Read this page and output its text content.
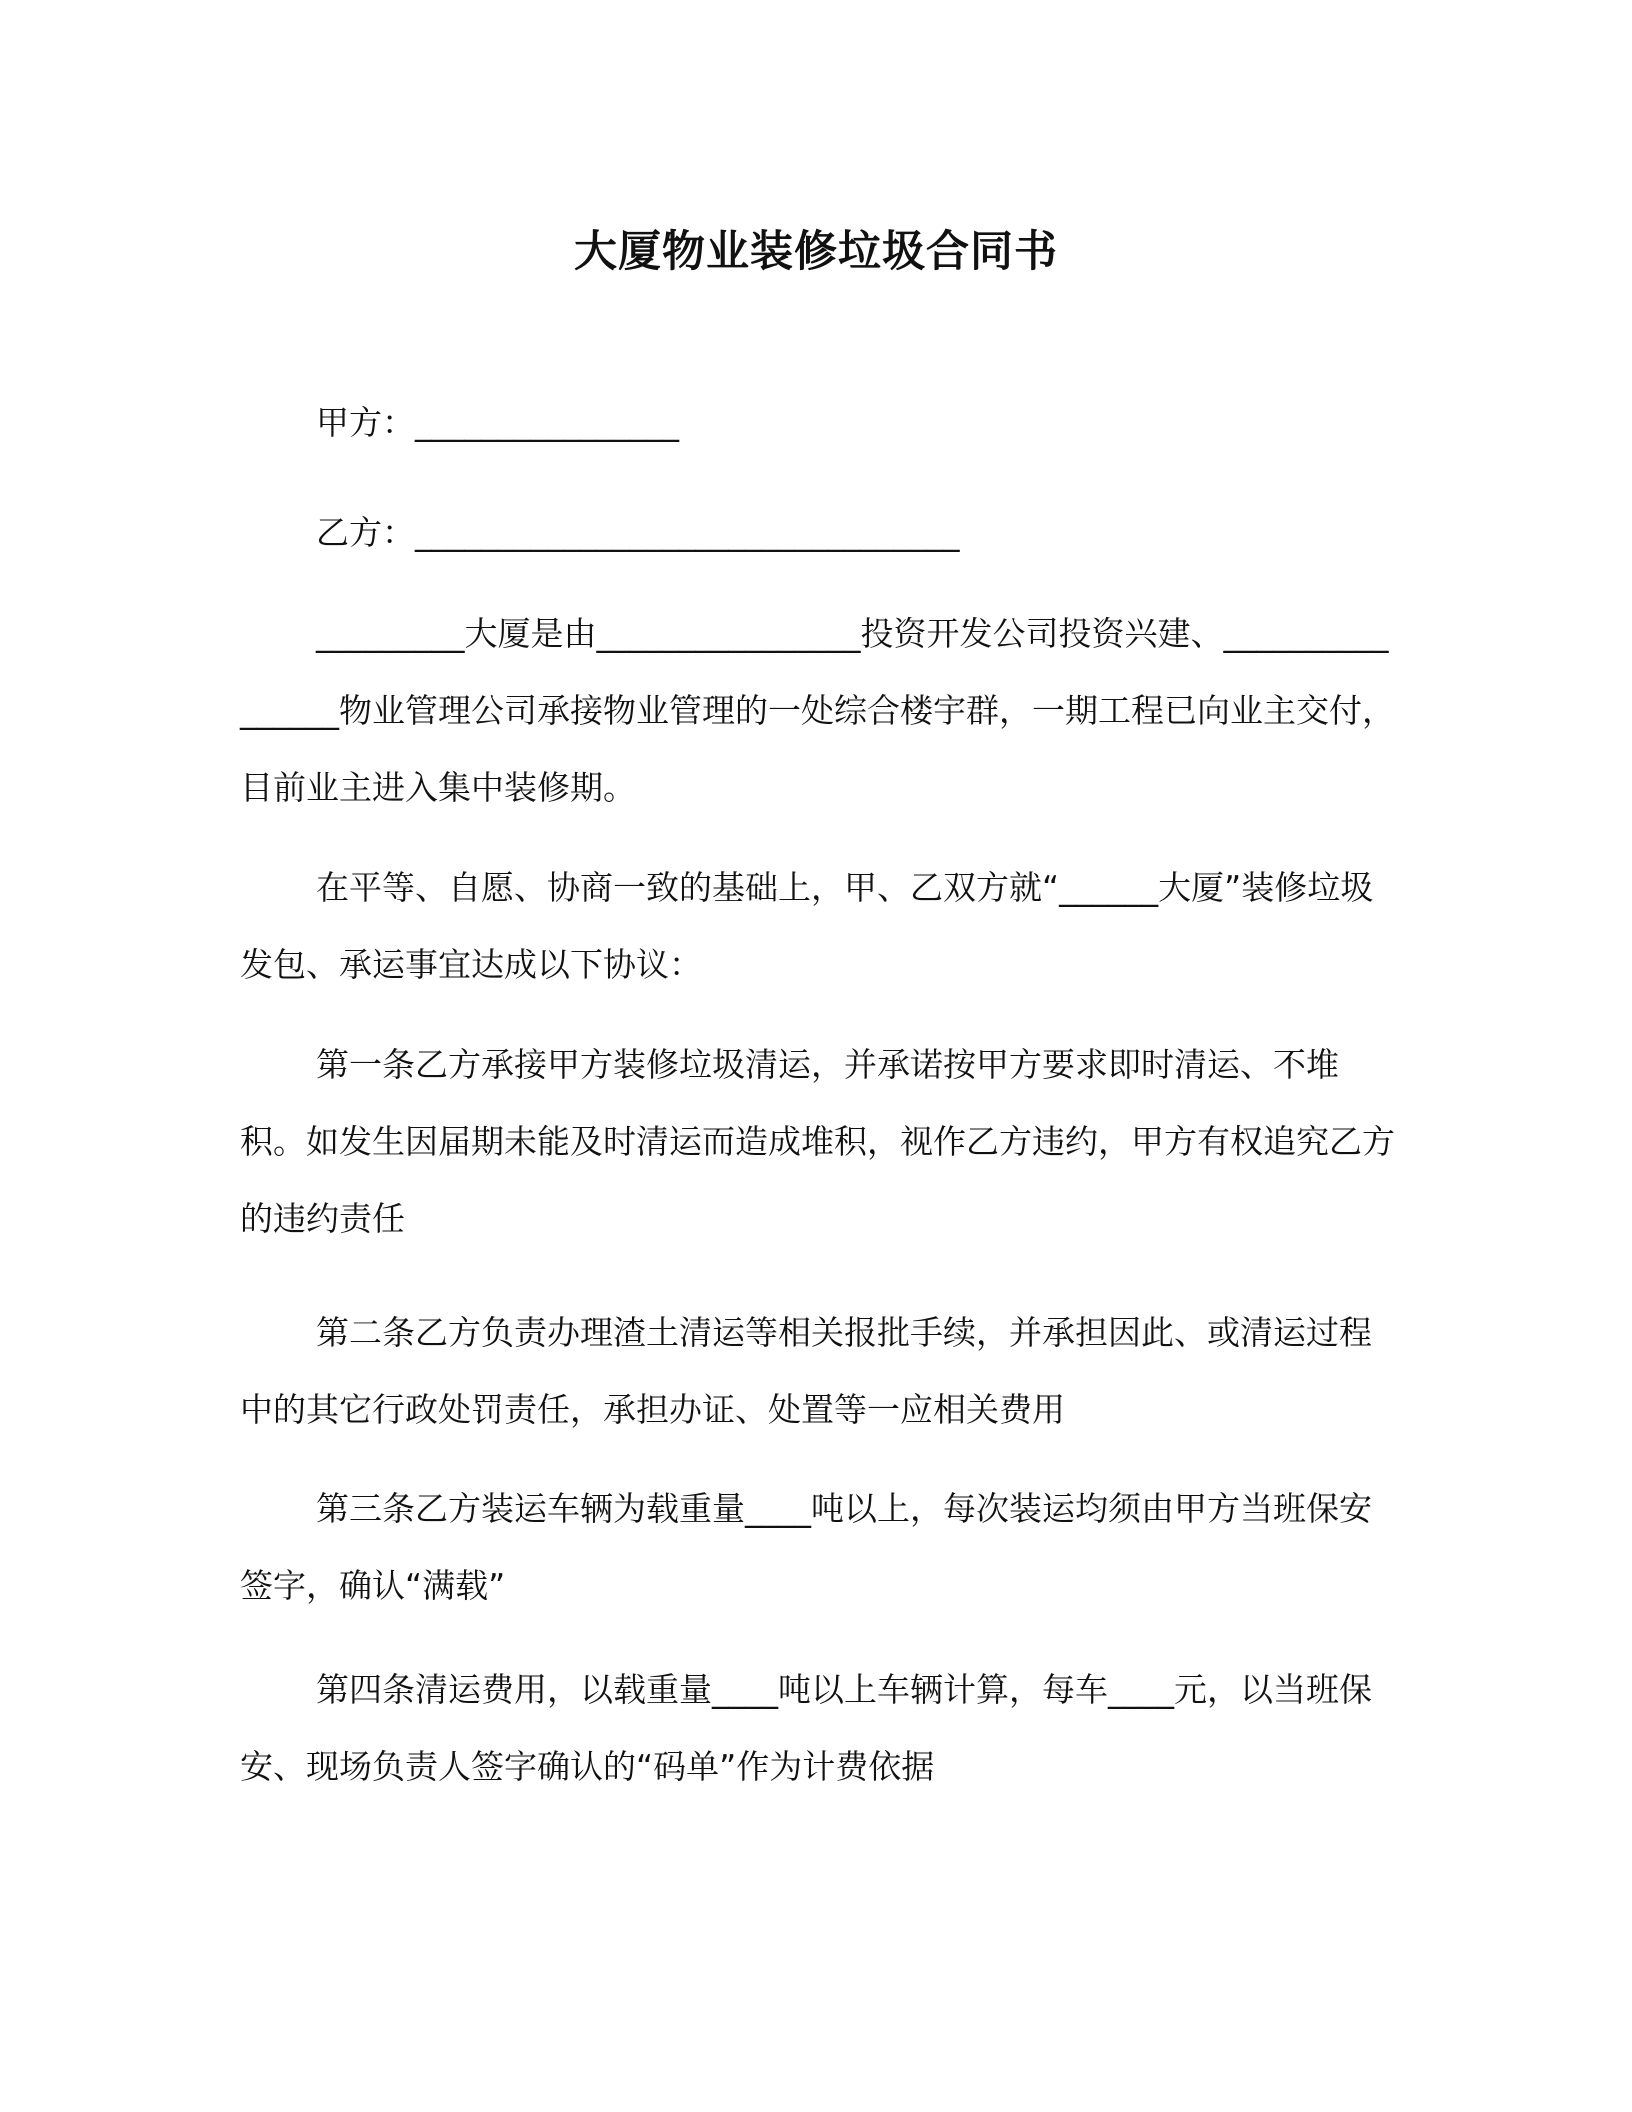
大厦物业装修垃圾合同书
甲方：________________
乙方：_________________________________

_________大厦是由________________投资开发公司投资兴建、________________物业管理公司承接物业管理的一处综合楼宇群，一期工程已向业主交付，目前业主进入集中装修期。

在平等、自愿、协商一致的基础上，甲、乙双方就“______大厦”装修垃圾发包、承运事宜达成以下协议：

第一条乙方承接甲方装修垃圾清运，并承诺按甲方要求即时清运、不堆积。如发生因届期未能及时清运而造成堆积，视作乙方违约，甲方有权追究乙方的违约责任

第二条乙方负责办理渣土清运等相关报批手续，并承担因此、或清运过程中的其它行政处罚责任，承担办证、处置等一应相关费用

第三条乙方装运车辆为载重量____吨以上，每次装运均须由甲方当班保安签字，确认“满载”

第四条清运费用，以载重量____吨以上车辆计算，每车____元，以当班保安、现场负责人签字确认的“码单”作为计费依据
